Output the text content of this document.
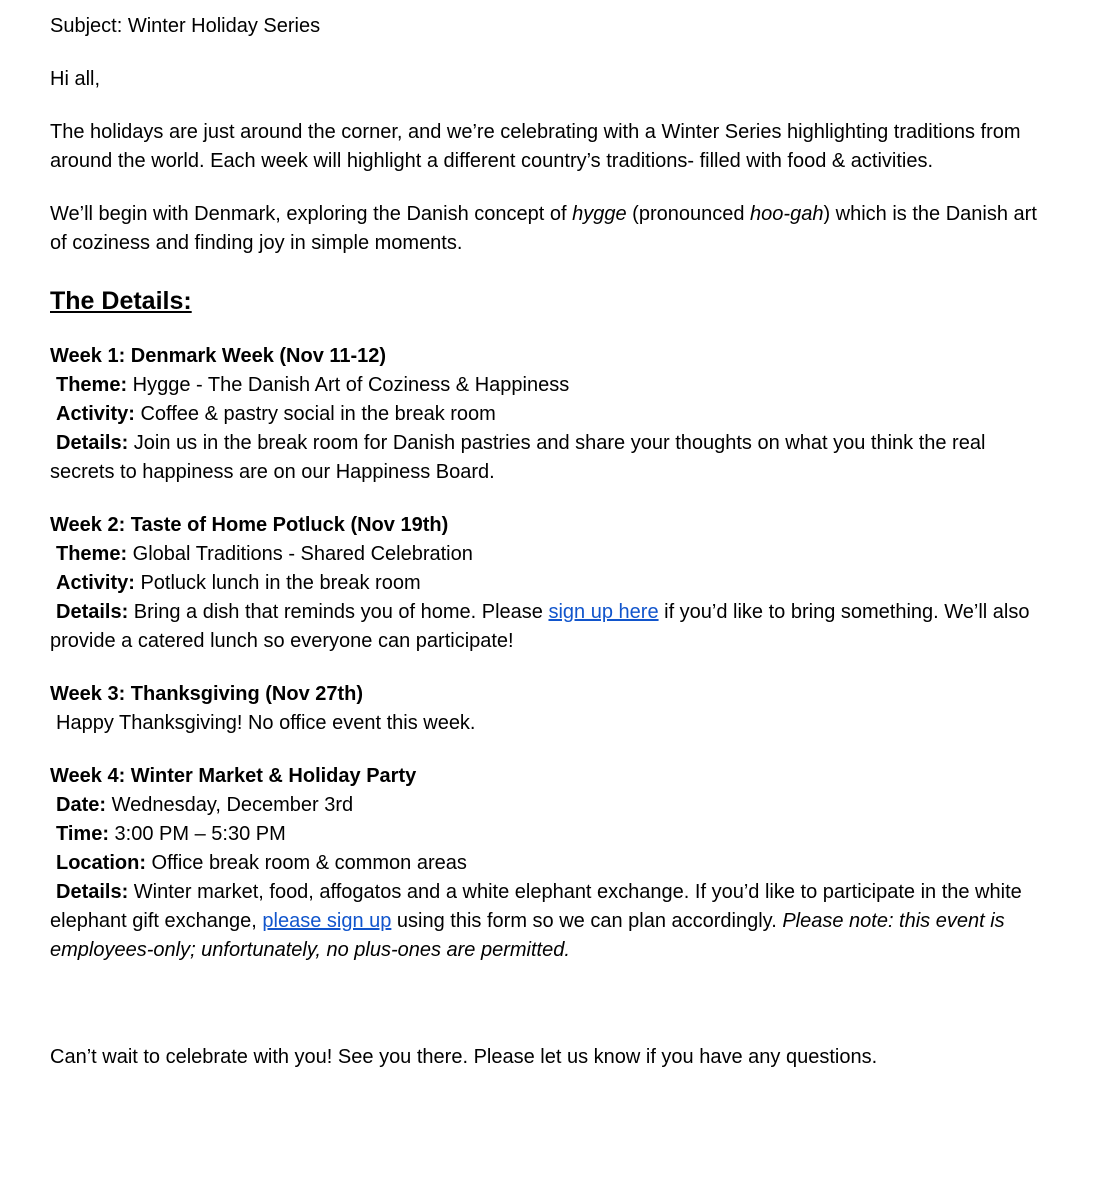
Subject: Winter Holiday Series

Hi all,

The holidays are just around the corner, and we’re celebrating with a Winter Series highlighting traditions from around the world. Each week will highlight a different country’s traditions- filled with food & activities.

We’ll begin with Denmark, exploring the Danish concept of hygge (pronounced hoo-gah) which is the Danish art of coziness and finding joy in simple moments.

The Details:

Week 1: Denmark Week (Nov 11-12)

Theme: Hygge - The Danish Art of Coziness & Happiness

Activity: Coffee & pastry social in the break room

Details: Join us in the break room for Danish pastries and share your thoughts on what you think the real secrets to happiness are on our Happiness Board.

Week 2: Taste of Home Potluck (Nov 19th)

Theme: Global Traditions - Shared Celebration

Activity: Potluck lunch in the break room

Details: Bring a dish that reminds you of home. Please sign up here if you’d like to bring something. We’ll also provide a catered lunch so everyone can participate!

Week 3: Thanksgiving (Nov 27th)

Happy Thanksgiving! No office event this week.

Week 4: Winter Market & Holiday Party

Date: Wednesday, December 3rd

Time: 3:00 PM – 5:30 PM

Location: Office break room & common areas

Details: Winter market, food, affogatos and a white elephant exchange. If you’d like to participate in the white elephant gift exchange, please sign up using this form so we can plan accordingly. Please note: this event is employees-only; unfortunately, no plus-ones are permitted.

Can’t wait to celebrate with you! See you there. Please let us know if you have any questions.
